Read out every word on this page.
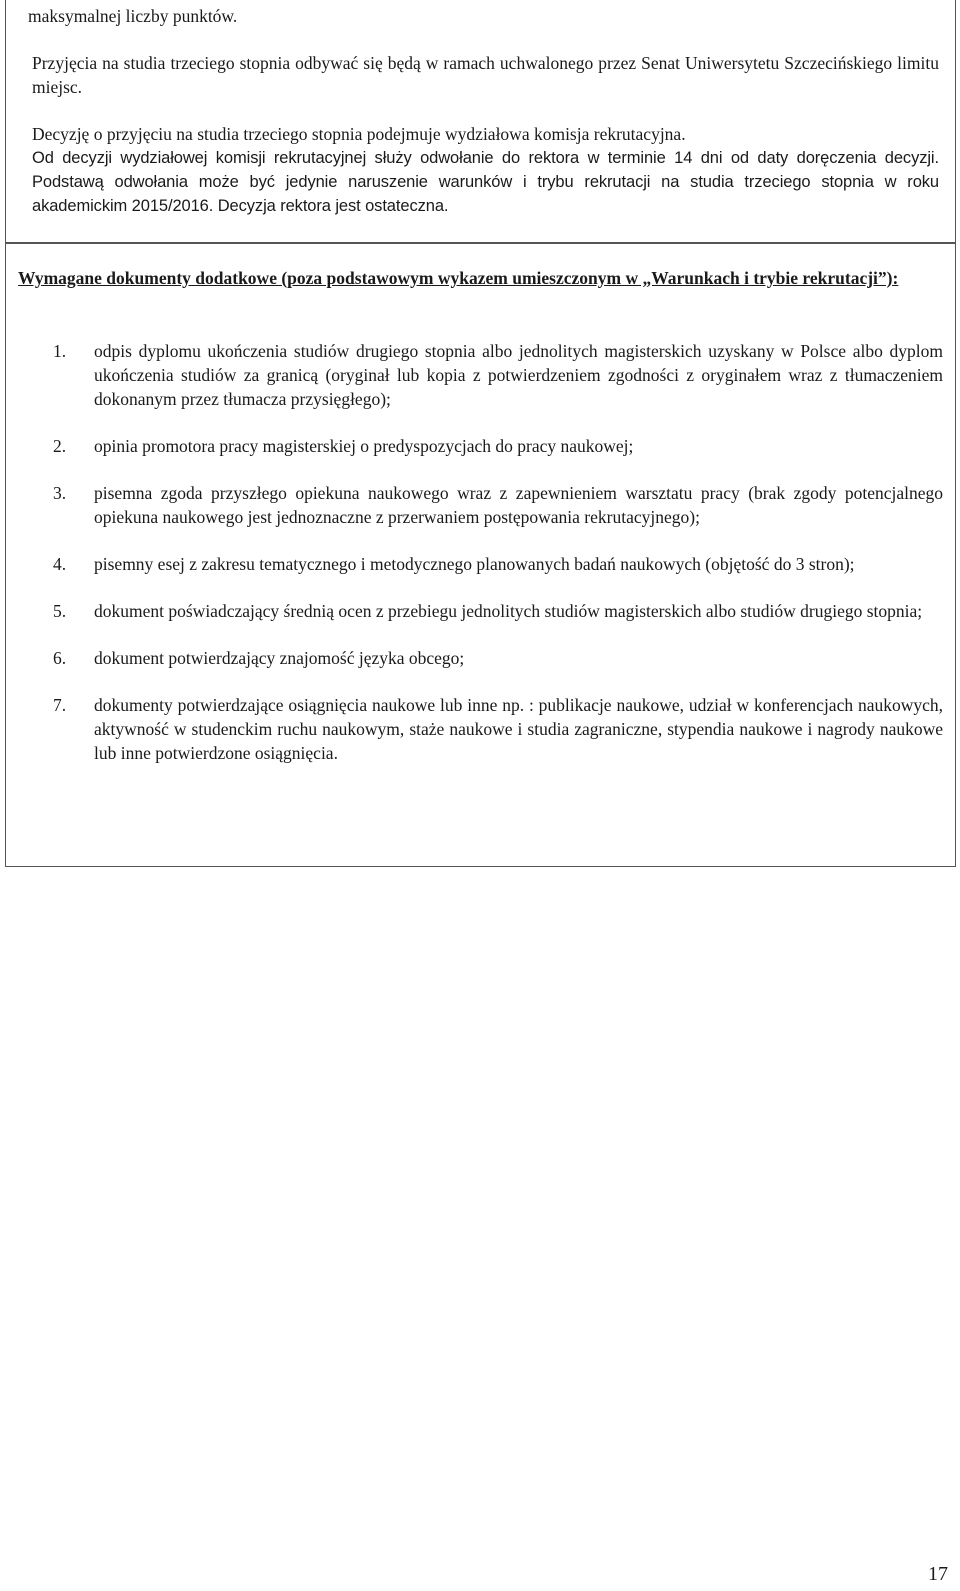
maksymalnej liczby punktów.

Przyjęcia na studia trzeciego stopnia odbywać się będą w ramach uchwalonego przez Senat Uniwersytetu Szczecińskiego limitu miejsc.

Decyzję o przyjęciu na studia trzeciego stopnia podejmuje wydziałowa komisja rekrutacyjna.

Od decyzji wydziałowej komisji rekrutacyjnej służy odwołanie do rektora w terminie 14 dni od daty doręczenia decyzji. Podstawą odwołania może być jedynie naruszenie warunków i trybu rekrutacji na studia trzeciego stopnia w roku akademickim 2015/2016. Decyzja rektora jest ostateczna.

Wymagane dokumenty dodatkowe (poza podstawowym wykazem umieszczonym w „Warunkach i trybie rekrutacji”):

1. odpis dyplomu ukończenia studiów drugiego stopnia albo jednolitych magisterskich uzyskany w Polsce albo dyplom ukończenia studiów za granicą (oryginał lub kopia z potwierdzeniem zgodności z oryginałem wraz z tłumaczeniem dokonanym przez tłumacza przysięgłego);
2. opinia promotora pracy magisterskiej o predyspozycjach do pracy naukowej;
3. pisemna zgoda przyszłego opiekuna naukowego wraz z zapewnieniem warsztatu pracy (brak zgody potencjalnego opiekuna naukowego jest jednoznaczne z przerwaniem postępowania rekrutacyjnego);
4. pisemny esej z zakresu tematycznego i metodycznego planowanych badań naukowych (objętość do 3 stron);
5. dokument poświadczający średnią ocen z przebiegu jednolitych studiów magisterskich albo studiów drugiego stopnia;
6. dokument potwierdzający znajomość języka obcego;
7. dokumenty potwierdzające osiągnięcia naukowe lub inne np. : publikacje naukowe, udział w konferencjach naukowych, aktywność w studenckim ruchu naukowym, staże naukowe i studia zagraniczne, stypendia naukowe i nagrody naukowe lub inne potwierdzone osiągnięcia.
17
